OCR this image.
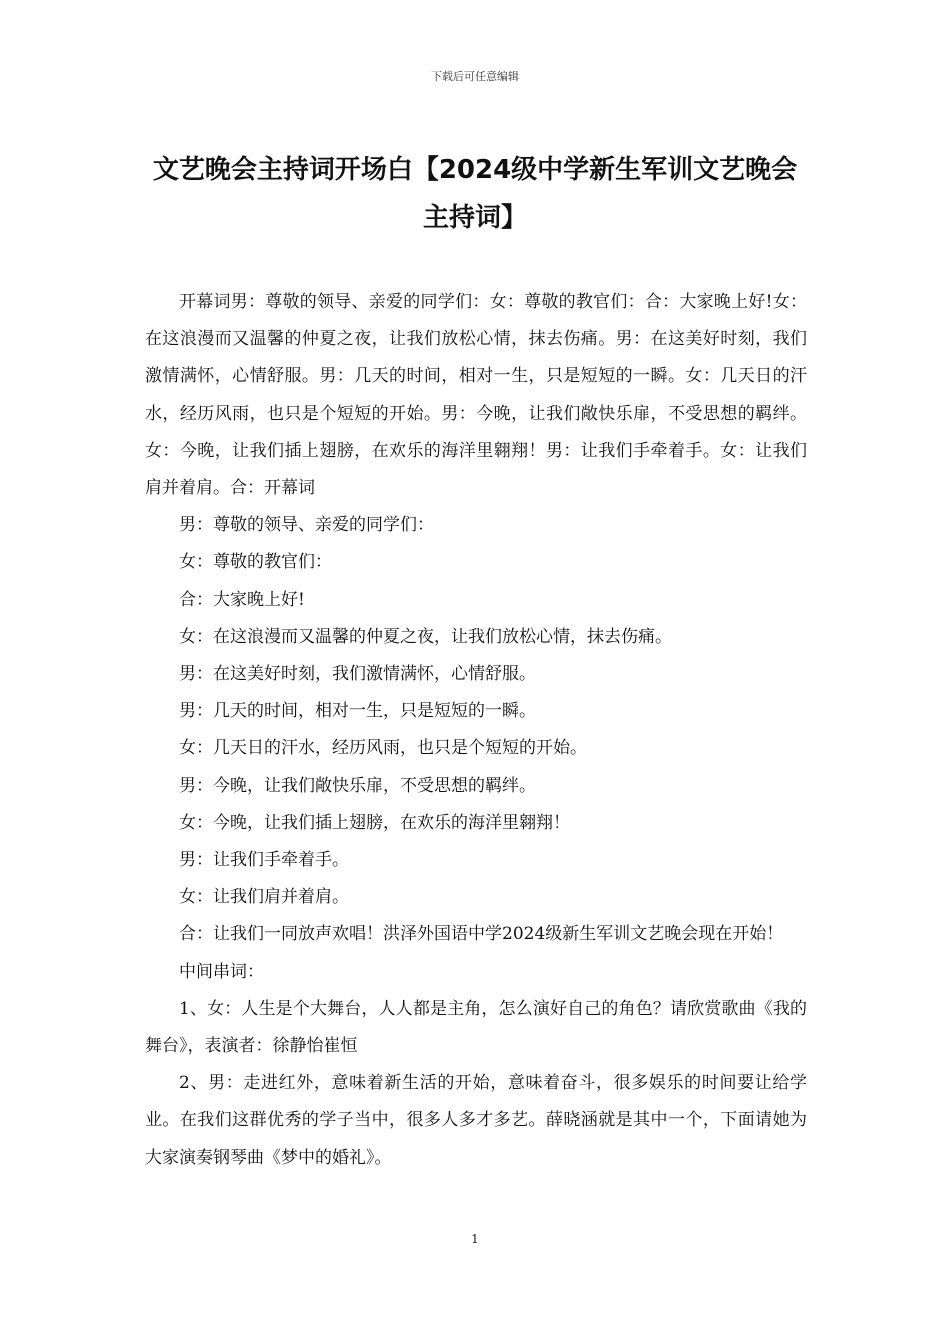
下载后可任意编辑
文艺晚会主持词开场白【2024级中学新生军训文艺晚会主持词】

开幕词男：尊敬的领导、亲爱的同学们：女：尊敬的教官们：合：大家晚上好!女：在这浪漫而又温馨的仲夏之夜，让我们放松心情，抹去伤痛。男：在这美好时刻，我们激情满怀，心情舒服。男：几天的时间，相对一生，只是短短的一瞬。女：几天日的汗水，经历风雨，也只是个短短的开始。男：今晚，让我们敞快乐扉，不受思想的羁绊。女：今晚，让我们插上翅膀，在欢乐的海洋里翱翔！男：让我们手牵着手。女：让我们肩并着肩。合：开幕词

男：尊敬的领导、亲爱的同学们：

女：尊敬的教官们：

合：大家晚上好!

女：在这浪漫而又温馨的仲夏之夜，让我们放松心情，抹去伤痛。

男：在这美好时刻，我们激情满怀，心情舒服。

男：几天的时间，相对一生，只是短短的一瞬。

女：几天日的汗水，经历风雨，也只是个短短的开始。

男：今晚，让我们敞快乐扉，不受思想的羁绊。

女：今晚，让我们插上翅膀，在欢乐的海洋里翱翔！

男：让我们手牵着手。

女：让我们肩并着肩。

合：让我们一同放声欢唱！洪泽外国语中学2024级新生军训文艺晚会现在开始！

中间串词：

1、女：人生是个大舞台，人人都是主角，怎么演好自己的角色？请欣赏歌曲《我的舞台》，表演者：徐静怡崔恒

2、男：走进红外，意味着新生活的开始，意味着奋斗，很多娱乐的时间要让给学业。在我们这群优秀的学子当中，很多人多才多艺。薛晓涵就是其中一个，下面请她为大家演奏钢琴曲《梦中的婚礼》。

1
